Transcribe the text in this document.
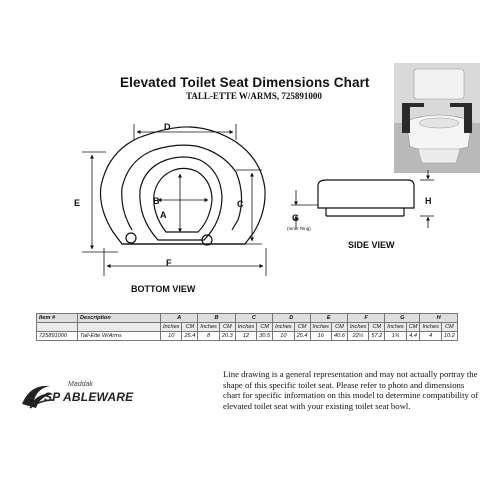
Elevated Toilet Seat Dimensions Chart
TALL-ETTE W/ARMS, 725891000
D
E	C
F
B
A	G
(Inner Ring)
H
BOTTOM VIEW
SIDE VIEW
Item #	Description	A		B		C		D		E		F		G		H	
		Inches	CM	Inches	CM	Inches	CM	Inches	CM	Inches	CM	Inches	CM	Inches	CM	Inches	CM
725891000	Tall-Ette W/Arms	10	25.4	8	20.3	12	30.5	10	25.4	16	40.6	22½	57.2	1¾	4.4	4	10.2
Maddak
SP ABLEWARE
Line drawing is a general representation and may not actually portray the shape of this specific toilet seat. Please refer to photo and dimensions chart for specific information on this model to determine compatibility of elevated toilet seat with your existing toilet seat bowl.
